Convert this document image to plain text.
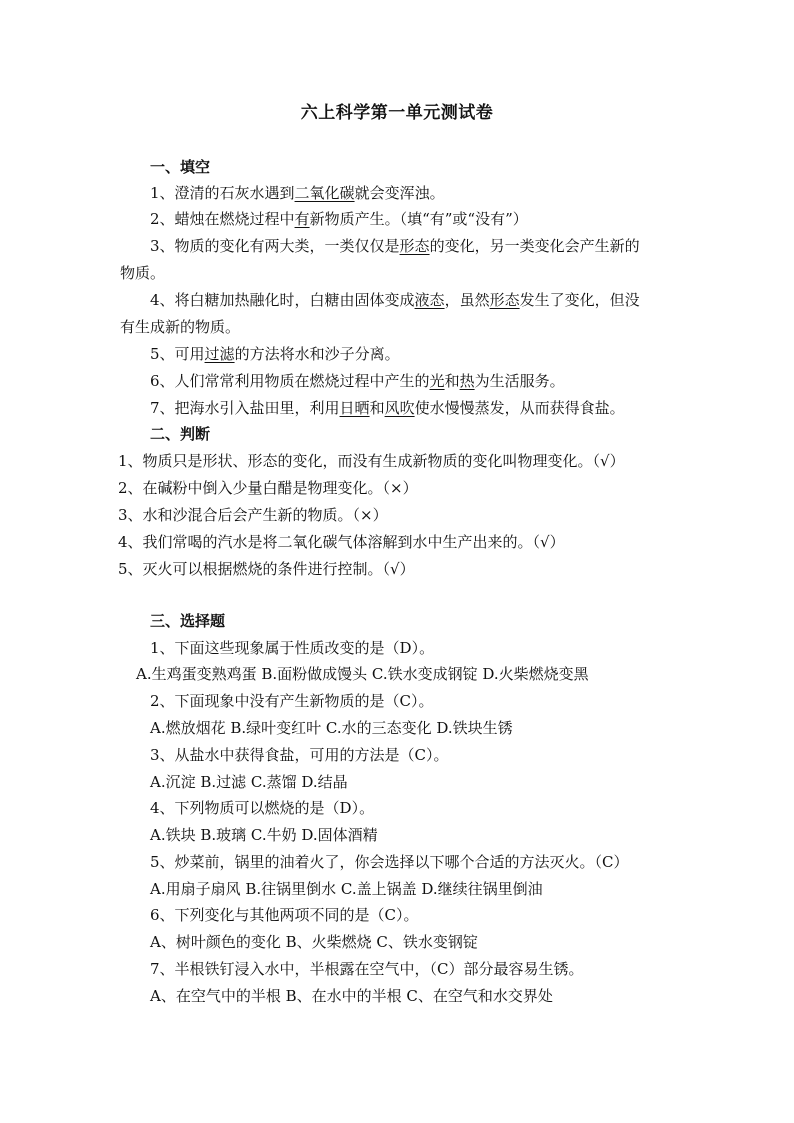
六上科学第一单元测试卷
一、填空
1、澄清的石灰水遇到二氧化碳就会变浑浊。
2、蜡烛在燃烧过程中有新物质产生。（填“有”或“没有”）
3、物质的变化有两大类，一类仅仅是形态的变化，另一类变化会产生新的
物质。
4、将白糖加热融化时，白糖由固体变成液态，虽然形态发生了变化，但没
有生成新的物质。
5、可用过滤的方法将水和沙子分离。
6、人们常常利用物质在燃烧过程中产生的光和热为生活服务。
7、把海水引入盐田里，利用日晒和风吹使水慢慢蒸发，从而获得食盐。
二、判断
1、物质只是形状、形态的变化，而没有生成新物质的变化叫物理变化。（√）
2、在碱粉中倒入少量白醋是物理变化。（×）
3、水和沙混合后会产生新的物质。（×）
4、我们常喝的汽水是将二氧化碳气体溶解到水中生产出来的。（√）
5、灭火可以根据燃烧的条件进行控制。（√）
三、选择题
1、下面这些现象属于性质改变的是（D）。
A.生鸡蛋变熟鸡蛋 B.面粉做成馒头 C.铁水变成钢锭 D.火柴燃烧变黑
2、下面现象中没有产生新物质的是（C）。
A.燃放烟花 B.绿叶变红叶 C.水的三态变化 D.铁块生锈
3、从盐水中获得食盐，可用的方法是（C）。
A.沉淀 B.过滤 C.蒸馏 D.结晶
4、下列物质可以燃烧的是（D）。
A.铁块 B.玻璃 C.牛奶 D.固体酒精
5、炒菜前，锅里的油着火了，你会选择以下哪个合适的方法灭火。（C）
A.用扇子扇风 B.往锅里倒水 C.盖上锅盖 D.继续往锅里倒油
6、下列变化与其他两项不同的是（C）。
A、树叶颜色的变化 B、火柴燃烧 C、铁水变钢锭
7、半根铁钉浸入水中，半根露在空气中，（C）部分最容易生锈。
A、在空气中的半根 B、在水中的半根 C、在空气和水交界处
